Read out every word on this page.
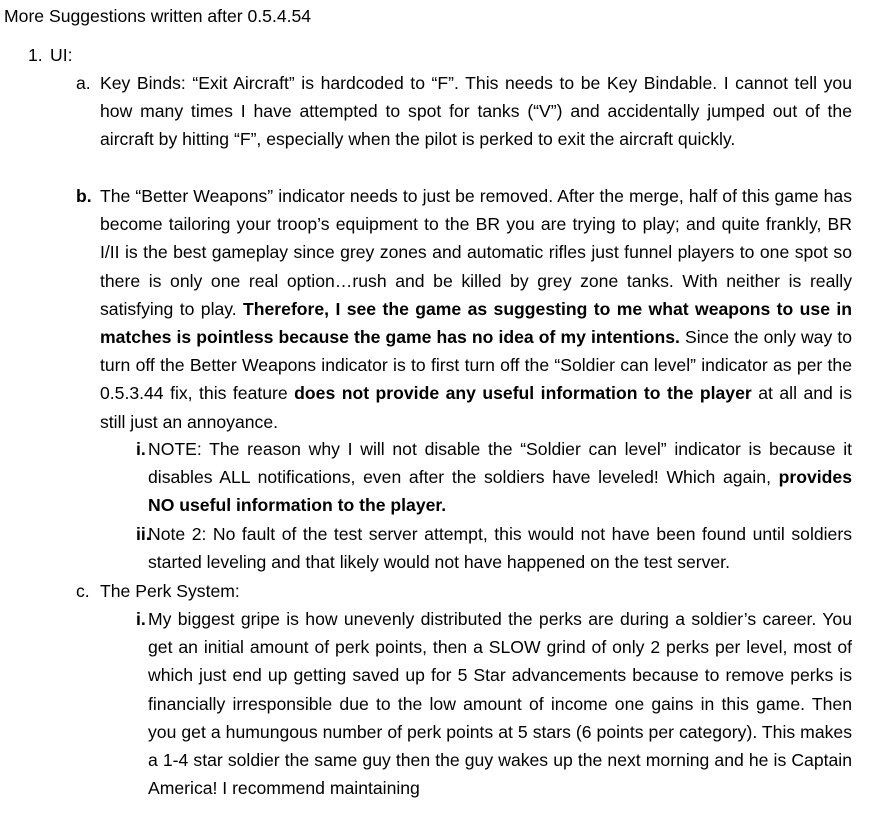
More Suggestions written after 0.5.4.54
1. UI:
a. Key Binds: “Exit Aircraft” is hardcoded to “F”. This needs to be Key Bindable. I cannot tell you how many times I have attempted to spot for tanks (“V”) and accidentally jumped out of the aircraft by hitting “F”, especially when the pilot is perked to exit the aircraft quickly.
b. The “Better Weapons” indicator needs to just be removed. After the merge, half of this game has become tailoring your troop’s equipment to the BR you are trying to play; and quite frankly, BR I/II is the best gameplay since grey zones and automatic rifles just funnel players to one spot so there is only one real option…rush and be killed by grey zone tanks. With neither is really satisfying to play. Therefore, I see the game as suggesting to me what weapons to use in matches is pointless because the game has no idea of my intentions. Since the only way to turn off the Better Weapons indicator is to first turn off the “Soldier can level” indicator as per the 0.5.3.44 fix, this feature does not provide any useful information to the player at all and is still just an annoyance.
i. NOTE: The reason why I will not disable the “Soldier can level” indicator is because it disables ALL notifications, even after the soldiers have leveled! Which again, provides NO useful information to the player.
ii.
Note 2: No fault of the test server attempt, this would not have been found until soldiers started leveling and that likely would not have happened on the test server.
c. The Perk System:
i. My biggest gripe is how unevenly distributed the perks are during a soldier’s career. You get an initial amount of perk points, then a SLOW grind of only 2 perks per level, most of which just end up getting saved up for 5 Star advancements because to remove perks is financially irresponsible due to the low amount of income one gains in this game. Then you get a humungous number of perk points at 5 stars (6 points per category). This makes a 1-4 star soldier the same guy then the guy wakes up the next morning and he is Captain America! I recommend maintaining
